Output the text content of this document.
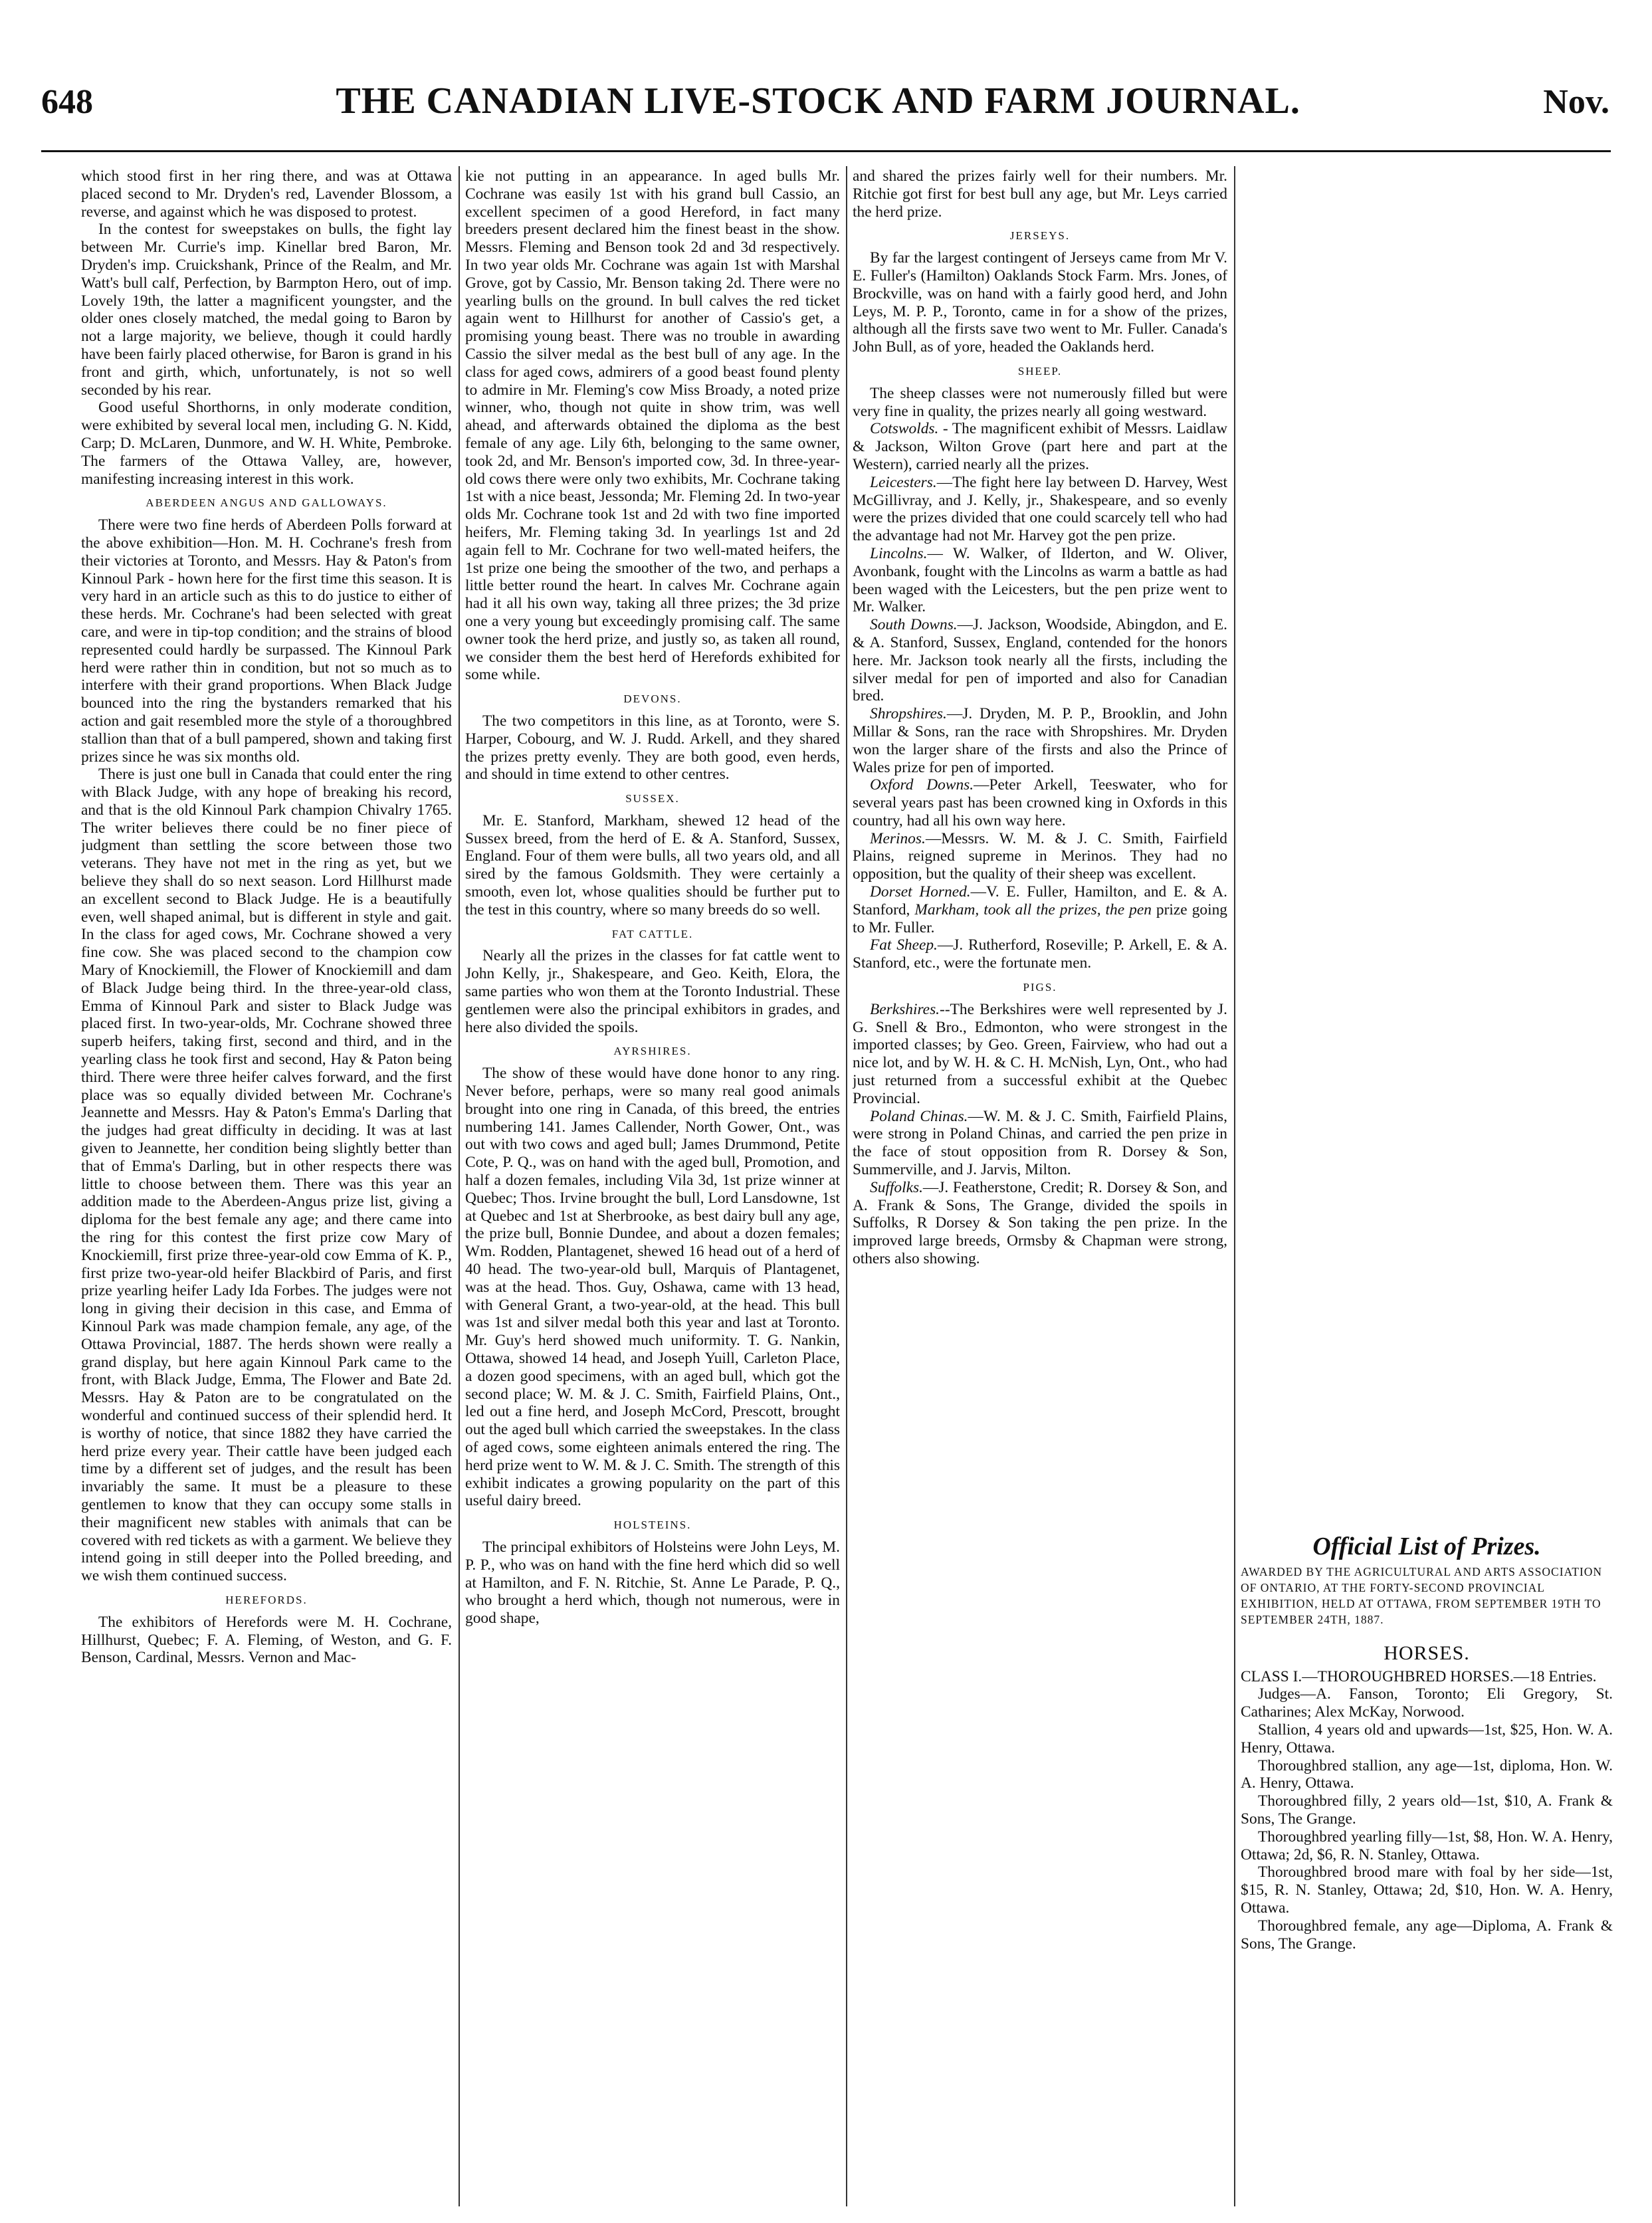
648	THE CANADIAN LIVE-STOCK AND FARM JOURNAL.	Nov.

which stood first in her ring there, and was at Ottawa placed second to Mr. Dryden's red, Lavender Blossom, a reverse, and against which he was disposed to protest.

In the contest for sweepstakes on bulls, the fight lay between Mr. Currie's imp. Kinellar bred Baron, Mr. Dryden's imp. Cruickshank, Prince of the Realm, and Mr. Watt's bull calf, Perfection, by Barmpton Hero, out of imp. Lovely 19th, the latter a magnificent youngster, and the older ones closely matched, the medal going to Baron by not a large majority, we believe, though it could hardly have been fairly placed otherwise, for Baron is grand in his front and girth, which, unfortunately, is not so well seconded by his rear.

Good useful Shorthorns, in only moderate condition, were exhibited by several local men, including G. N. Kidd, Carp; D. McLaren, Dunmore, and W. H. White, Pembroke. The farmers of the Ottawa Valley, are, however, manifesting increasing interest in this work.

ABERDEEN ANGUS AND GALLOWAYS.

There were two fine herds of Aberdeen Polls forward at the above exhibition—Hon. M. H. Cochrane's fresh from their victories at Toronto, and Messrs. Hay & Paton's from Kinnoul Park - hown here for the first time this season. It is very hard in an article such as this to do justice to either of these herds. Mr. Cochrane's had been selected with great care, and were in tip-top condition; and the strains of blood represented could hardly be surpassed. The Kinnoul Park herd were rather thin in condition, but not so much as to interfere with their grand proportions. When Black Judge bounced into the ring the bystanders remarked that his action and gait resembled more the style of a thoroughbred stallion than that of a bull pampered, shown and taking first prizes since he was six months old.

There is just one bull in Canada that could enter the ring with Black Judge, with any hope of breaking his record, and that is the old Kinnoul Park champion Chivalry 1765. The writer believes there could be no finer piece of judgment than settling the score between those two veterans. They have not met in the ring as yet, but we believe they shall do so next season. Lord Hillhurst made an excellent second to Black Judge. He is a beautifully even, well shaped animal, but is different in style and gait. In the class for aged cows, Mr. Cochrane showed a very fine cow. She was placed second to the champion cow Mary of Knockiemill, the Flower of Knockiemill and dam of Black Judge being third. In the three-year-old class, Emma of Kinnoul Park and sister to Black Judge was placed first. In two-year-olds, Mr. Cochrane showed three superb heifers, taking first, second and third, and in the yearling class he took first and second, Hay & Paton being third. There were three heifer calves forward, and the first place was so equally divided between Mr. Cochrane's Jeannette and Messrs. Hay & Paton's Emma's Darling that the judges had great difficulty in deciding. It was at last given to Jeannette, her condition being slightly better than that of Emma's Darling, but in other respects there was little to choose between them. There was this year an addition made to the Aberdeen-Angus prize list, giving a diploma for the best female any age; and there came into the ring for this contest the first prize cow Mary of Knockiemill, first prize three-year-old cow Emma of K. P., first prize two-year-old heifer Blackbird of Paris, and first prize yearling heifer Lady Ida Forbes. The judges were not long in giving their decision in this case, and Emma of Kinnoul Park was made champion female, any age, of the Ottawa Provincial, 1887. The herds shown were really a grand display, but here again Kinnoul Park came to the front, with Black Judge, Emma, The Flower and Bate 2d. Messrs. Hay & Paton are to be congratulated on the wonderful and continued success of their splendid herd. It is worthy of notice, that since 1882 they have carried the herd prize every year. Their cattle have been judged each time by a different set of judges, and the result has been invariably the same. It must be a pleasure to these gentlemen to know that they can occupy some stalls in their magnificent new stables with animals that can be covered with red tickets as with a garment. We believe they intend going in still deeper into the Polled breeding, and we wish them continued success.

HEREFORDS.

The exhibitors of Herefords were M. H. Cochrane, Hillhurst, Quebec; F. A. Fleming, of Weston, and G. F. Benson, Cardinal, Messrs. Vernon and Mac-

kie not putting in an appearance. In aged bulls Mr. Cochrane was easily 1st with his grand bull Cassio, an excellent specimen of a good Hereford, in fact many breeders present declared him the finest beast in the show. Messrs. Fleming and Benson took 2d and 3d respectively. In two year olds Mr. Cochrane was again 1st with Marshal Grove, got by Cassio, Mr. Benson taking 2d. There were no yearling bulls on the ground. In bull calves the red ticket again went to Hillhurst for another of Cassio's get, a promising young beast. There was no trouble in awarding Cassio the silver medal as the best bull of any age. In the class for aged cows, admirers of a good beast found plenty to admire in Mr. Fleming's cow Miss Broady, a noted prize winner, who, though not quite in show trim, was well ahead, and afterwards obtained the diploma as the best female of any age. Lily 6th, belonging to the same owner, took 2d, and Mr. Benson's imported cow, 3d. In three-year-old cows there were only two exhibits, Mr. Cochrane taking 1st with a nice beast, Jessonda; Mr. Fleming 2d. In two-year olds Mr. Cochrane took 1st and 2d with two fine imported heifers, Mr. Fleming taking 3d. In yearlings 1st and 2d again fell to Mr. Cochrane for two well-mated heifers, the 1st prize one being the smoother of the two, and perhaps a little better round the heart. In calves Mr. Cochrane again had it all his own way, taking all three prizes; the 3d prize one a very young but exceedingly promising calf. The same owner took the herd prize, and justly so, as taken all round, we consider them the best herd of Herefords exhibited for some while.

DEVONS.

The two competitors in this line, as at Toronto, were S. Harper, Cobourg, and W. J. Rudd. Arkell, and they shared the prizes pretty evenly. They are both good, even herds, and should in time extend to other centres.

SUSSEX.

Mr. E. Stanford, Markham, shewed 12 head of the Sussex breed, from the herd of E. & A. Stanford, Sussex, England. Four of them were bulls, all two years old, and all sired by the famous Goldsmith. They were certainly a smooth, even lot, whose qualities should be further put to the test in this country, where so many breeds do so well.

FAT CATTLE.

Nearly all the prizes in the classes for fat cattle went to John Kelly, jr., Shakespeare, and Geo. Keith, Elora, the same parties who won them at the Toronto Industrial. These gentlemen were also the principal exhibitors in grades, and here also divided the spoils.

AYRSHIRES.

The show of these would have done honor to any ring. Never before, perhaps, were so many real good animals brought into one ring in Canada, of this breed, the entries numbering 141. James Callender, North Gower, Ont., was out with two cows and aged bull; James Drummond, Petite Cote, P. Q., was on hand with the aged bull, Promotion, and half a dozen females, including Vila 3d, 1st prize winner at Quebec; Thos. Irvine brought the bull, Lord Lansdowne, 1st at Quebec and 1st at Sherbrooke, as best dairy bull any age, the prize bull, Bonnie Dundee, and about a dozen females; Wm. Rodden, Plantagenet, shewed 16 head out of a herd of 40 head. The two-year-old bull, Marquis of Plantagenet, was at the head. Thos. Guy, Oshawa, came with 13 head, with General Grant, a two-year-old, at the head. This bull was 1st and silver medal both this year and last at Toronto. Mr. Guy's herd showed much uniformity. T. G. Nankin, Ottawa, showed 14 head, and Joseph Yuill, Carleton Place, a dozen good specimens, with an aged bull, which got the second place; W. M. & J. C. Smith, Fairfield Plains, Ont., led out a fine herd, and Joseph McCord, Prescott, brought out the aged bull which carried the sweepstakes. In the class of aged cows, some eighteen animals entered the ring. The herd prize went to W. M. & J. C. Smith. The strength of this exhibit indicates a growing popularity on the part of this useful dairy breed.

HOLSTEINS.

The principal exhibitors of Holsteins were John Leys, M. P. P., who was on hand with the fine herd which did so well at Hamilton, and F. N. Ritchie, St. Anne Le Parade, P. Q., who brought a herd which, though not numerous, were in good shape,

and shared the prizes fairly well for their numbers. Mr. Ritchie got first for best bull any age, but Mr. Leys carried the herd prize.

JERSEYS.

By far the largest contingent of Jerseys came from Mr V. E. Fuller's (Hamilton) Oaklands Stock Farm. Mrs. Jones, of Brockville, was on hand with a fairly good herd, and John Leys, M. P. P., Toronto, came in for a show of the prizes, although all the firsts save two went to Mr. Fuller. Canada's John Bull, as of yore, headed the Oaklands herd.

SHEEP.

The sheep classes were not numerously filled but were very fine in quality, the prizes nearly all going westward.

Cotswolds. - The magnificent exhibit of Messrs. Laidlaw & Jackson, Wilton Grove (part here and part at the Western), carried nearly all the prizes.

Leicesters.—The fight here lay between D. Harvey, West McGillivray, and J. Kelly, jr., Shakespeare, and so evenly were the prizes divided that one could scarcely tell who had the advantage had not Mr. Harvey got the pen prize.

Lincolns.— W. Walker, of Ilderton, and W. Oliver, Avonbank, fought with the Lincolns as warm a battle as had been waged with the Leicesters, but the pen prize went to Mr. Walker.

South Downs.—J. Jackson, Woodside, Abingdon, and E. & A. Stanford, Sussex, England, contended for the honors here. Mr. Jackson took nearly all the firsts, including the silver medal for pen of imported and also for Canadian bred.

Shropshires.—J. Dryden, M. P. P., Brooklin, and John Millar & Sons, ran the race with Shropshires. Mr. Dryden won the larger share of the firsts and also the Prince of Wales prize for pen of imported.

Oxford Downs.—Peter Arkell, Teeswater, who for several years past has been crowned king in Oxfords in this country, had all his own way here.

Merinos.—Messrs. W. M. & J. C. Smith, Fairfield Plains, reigned supreme in Merinos. They had no opposition, but the quality of their sheep was excellent.

Dorset Horned.—V. E. Fuller, Hamilton, and E. & A. Stanford, Markham, took all the prizes, the pen prize going to Mr. Fuller.

Fat Sheep.—J. Rutherford, Roseville; P. Arkell, E. & A. Stanford, etc., were the fortunate men.

PIGS.

Berkshires.--The Berkshires were well represented by J. G. Snell & Bro., Edmonton, who were strongest in the imported classes; by Geo. Green, Fairview, who had out a nice lot, and by W. H. & C. H. McNish, Lyn, Ont., who had just returned from a successful exhibit at the Quebec Provincial.

Poland Chinas.—W. M. & J. C. Smith, Fairfield Plains, were strong in Poland Chinas, and carried the pen prize in the face of stout opposition from R. Dorsey & Son, Summerville, and J. Jarvis, Milton.

Suffolks.—J. Featherstone, Credit; R. Dorsey & Son, and A. Frank & Sons, The Grange, divided the spoils in Suffolks, R Dorsey & Son taking the pen prize. In the improved large breeds, Ormsby & Chapman were strong, others also showing.

Official List of Prizes.

AWARDED BY THE AGRICULTURAL AND ARTS ASSOCIATION OF ONTARIO, AT THE FORTY-SECOND PROVINCIAL EXHIBITION, HELD AT OTTAWA, FROM SEPTEMBER 19TH TO SEPTEMBER 24TH, 1887.

HORSES.

CLASS I.—THOROUGHBRED HORSES.—18 Entries.

Judges—A. Fanson, Toronto; Eli Gregory, St. Catharines; Alex McKay, Norwood.

Stallion, 4 years old and upwards—1st, $25, Hon. W. A. Henry, Ottawa.

Thoroughbred stallion, any age—1st, diploma, Hon. W. A. Henry, Ottawa.

Thoroughbred filly, 2 years old—1st, $10, A. Frank & Sons, The Grange.

Thoroughbred yearling filly—1st, $8, Hon. W. A. Henry, Ottawa; 2d, $6, R. N. Stanley, Ottawa.

Thoroughbred brood mare with foal by her side—1st, $15, R. N. Stanley, Ottawa; 2d, $10, Hon. W. A. Henry, Ottawa.

Thoroughbred female, any age—Diploma, A. Frank & Sons, The Grange.
